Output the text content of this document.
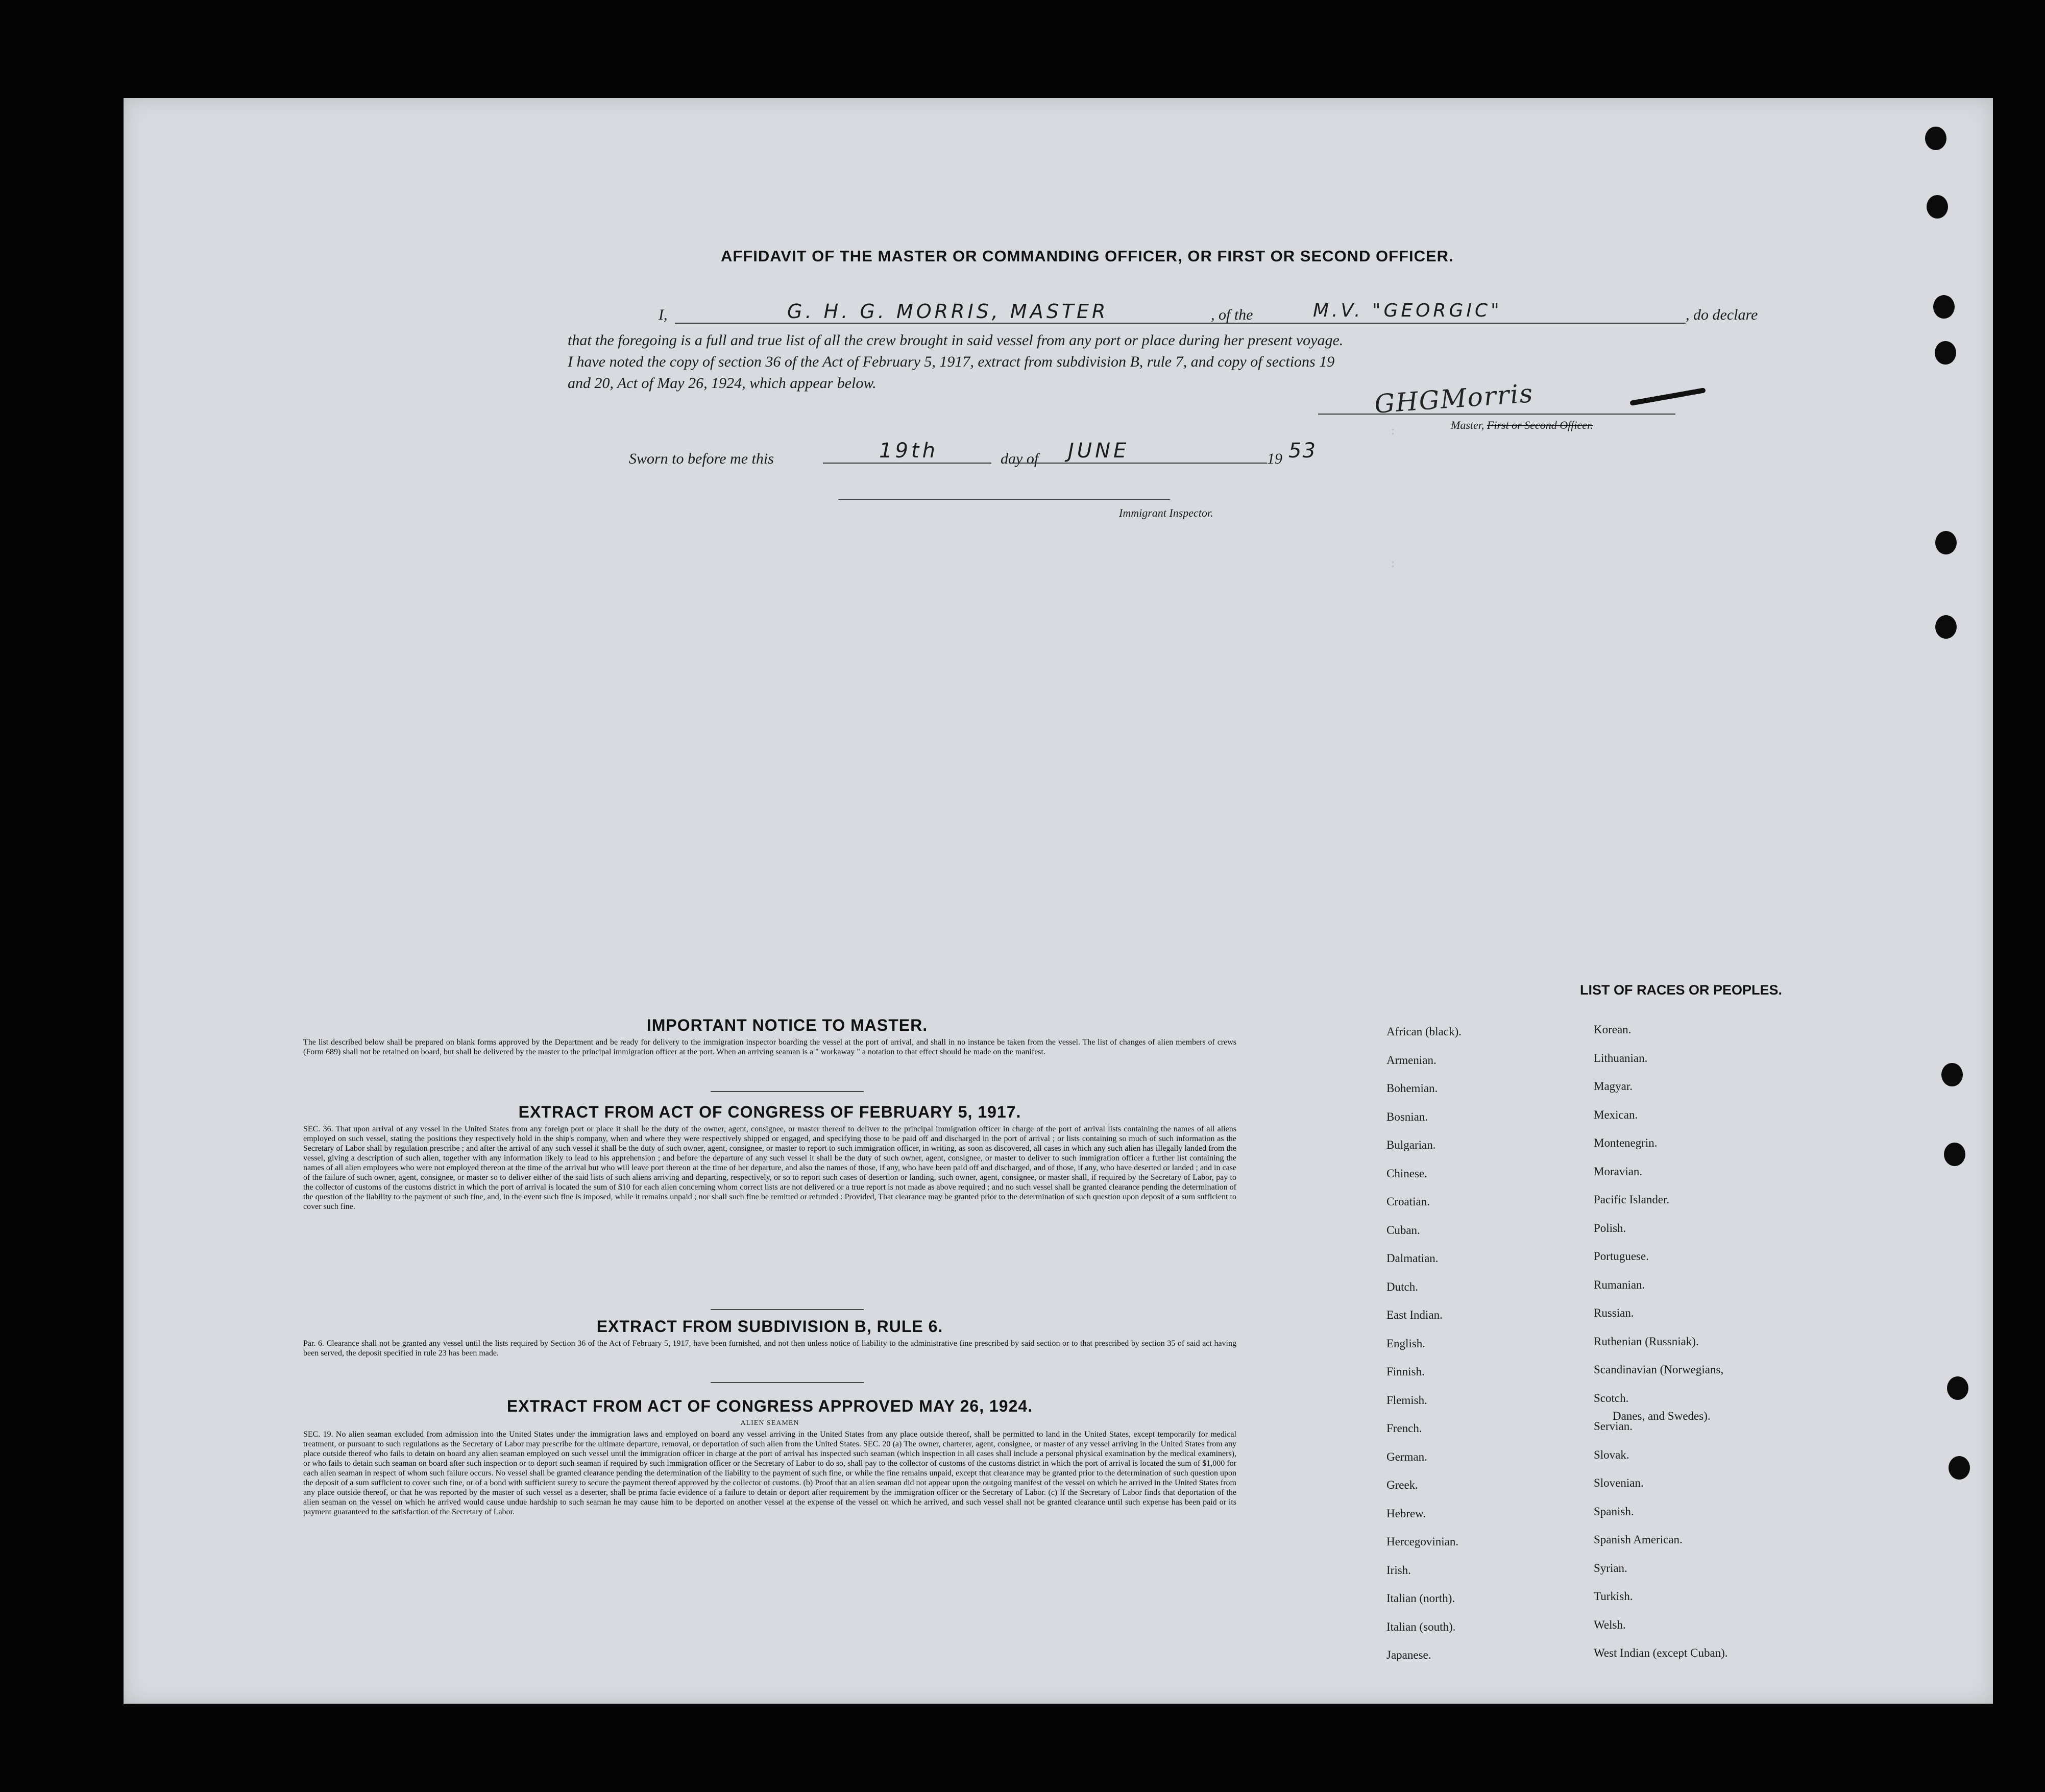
AFFIDAVIT OF THE MASTER OR COMMANDING OFFICER, OR FIRST OR SECOND OFFICER.
I,	G. H. G. MORRIS, MASTER	, of the	M.V. "GEORGIC"	, do declare
that the foregoing is a full and true list of all the crew brought in said vessel from any port or place during her present voyage.
I have noted the copy of section 36 of the Act of February 5, 1917, extract from subdivision B, rule 7, and copy of sections 19
and 20, Act of May 26, 1924, which appear below.	GHGMorris
Master, First or Second Officer.
Sworn to before me this	19th	day of JUNE	19 53
Immigrant Inspector.
:
:
IMPORTANT NOTICE TO MASTER.
The list described below shall be prepared on blank forms approved by the Department and be ready for delivery to the immigration inspector boarding the vessel at the port of arrival, and shall in no instance be taken from the vessel. The list of changes of alien members of crews (Form 689) shall not be retained on board, but shall be delivered by the master to the principal immigration officer at the port. When an arriving seaman is a " workaway " a notation to that effect should be made on the manifest.
EXTRACT FROM ACT OF CONGRESS OF FEBRUARY 5, 1917.
SEC. 36. That upon arrival of any vessel in the United States from any foreign port or place it shall be the duty of the owner, agent, consignee, or master thereof to deliver to the principal immigration officer in charge of the port of arrival lists containing the names of all aliens employed on such vessel, stating the positions they respectively hold in the ship's company, when and where they were respectively shipped or engaged, and specifying those to be paid off and discharged in the port of arrival ; or lists containing so much of such information as the Secretary of Labor shall by regulation prescribe ; and after the arrival of any such vessel it shall be the duty of such owner, agent, consignee, or master to report to such immigration officer, in writing, as soon as discovered, all cases in which any such alien has illegally landed from the vessel, giving a description of such alien, together with any information likely to lead to his apprehension ; and before the departure of any such vessel it shall be the duty of such owner, agent, consignee, or master to deliver to such immigration officer a further list containing the names of all alien employees who were not employed thereon at the time of the arrival but who will leave port thereon at the time of her departure, and also the names of those, if any, who have been paid off and discharged, and of those, if any, who have deserted or landed ; and in case of the failure of such owner, agent, consignee, or master so to deliver either of the said lists of such aliens arriving and departing, respectively, or so to report such cases of desertion or landing, such owner, agent, consignee, or master shall, if required by the Secretary of Labor, pay to the collector of customs of the customs district in which the port of arrival is located the sum of $10 for each alien concerning whom correct lists are not delivered or a true report is not made as above required ; and no such vessel shall be granted clearance pending the determination of the question of the liability to the payment of such fine, and, in the event such fine is imposed, while it remains unpaid ; nor shall such fine be remitted or refunded : Provided, That clearance may be granted prior to the determination of such question upon deposit of a sum sufficient to cover such fine.
EXTRACT FROM SUBDIVISION B, RULE 6.
Par. 6. Clearance shall not be granted any vessel until the lists required by Section 36 of the Act of February 5, 1917, have been furnished, and not then unless notice of liability to the administrative fine prescribed by said section or to that prescribed by section 35 of said act having been served, the deposit specified in rule 23 has been made.
EXTRACT FROM ACT OF CONGRESS APPROVED MAY 26, 1924.
ALIEN SEAMEN
SEC. 19. No alien seaman excluded from admission into the United States under the immigration laws and employed on board any vessel arriving in the United States from any place outside thereof, shall be permitted to land in the United States, except temporarily for medical treatment, or pursuant to such regulations as the Secretary of Labor may prescribe for the ultimate departure, removal, or deportation of such alien from the United States. SEC. 20 (a) The owner, charterer, agent, consignee, or master of any vessel arriving in the United States from any place outside thereof who fails to detain on board any alien seaman employed on such vessel until the immigration officer in charge at the port of arrival has inspected such seaman (which inspection in all cases shall include a personal physical examination by the medical examiners), or who fails to detain such seaman on board after such inspection or to deport such seaman if required by such immigration officer or the Secretary of Labor to do so, shall pay to the collector of customs of the customs district in which the port of arrival is located the sum of $1,000 for each alien seaman in respect of whom such failure occurs. No vessel shall be granted clearance pending the determination of the liability to the payment of such fine, or while the fine remains unpaid, except that clearance may be granted prior to the determination of such question upon the deposit of a sum sufficient to cover such fine, or of a bond with sufficient surety to secure the payment thereof approved by the collector of customs. (b) Proof that an alien seaman did not appear upon the outgoing manifest of the vessel on which he arrived in the United States from any place outside thereof, or that he was reported by the master of such vessel as a deserter, shall be prima facie evidence of a failure to detain or deport after requirement by the immigration officer or the Secretary of Labor. (c) If the Secretary of Labor finds that deportation of the alien seaman on the vessel on which he arrived would cause undue hardship to such seaman he may cause him to be deported on another vessel at the expense of the vessel on which he arrived, and such vessel shall not be granted clearance until such expense has been paid or its payment guaranteed to the satisfaction of the Secretary of Labor.
LIST OF RACES OR PEOPLES.
Danes, and Swedes).
African (black).
Armenian.
Bohemian.
Bosnian.
Bulgarian.
Chinese.
Croatian.
Cuban.
Dalmatian.
Dutch.
East Indian.
English.
Finnish.
Flemish.
French.
German.
Greek.
Hebrew.
Hercegovinian.
Irish.
Italian (north).
Italian (south).
Japanese.
Korean.
Lithuanian.
Magyar.
Mexican.
Montenegrin.
Moravian.
Pacific Islander.
Polish.
Portuguese.
Rumanian.
Russian.
Ruthenian (Russniak).
Scandinavian (Norwegians,
Scotch.
Servian.
Slovak.
Slovenian.
Spanish.
Spanish American.
Syrian.
Turkish.
Welsh.
West Indian (except Cuban).
